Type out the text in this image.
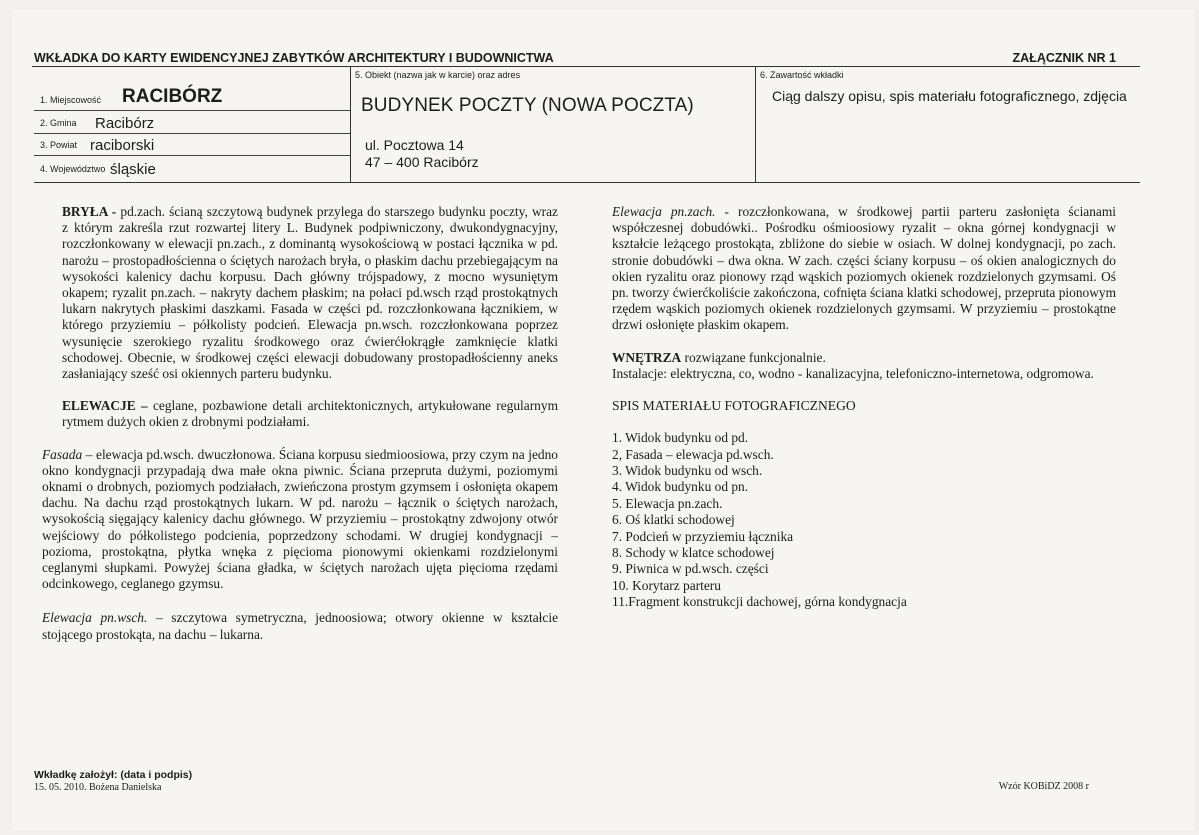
WKŁADKA DO KARTY EWIDENCYJNEJ ZABYTKÓW ARCHITEKTURY I BUDOWNICTWA	ZAŁĄCZNIK NR 1
1. Miejscowość RACIBÓRZ
2. Gmina Racibórz
3. Powiat raciborski
4. Województwo śląskie
5. Obiekt (nazwa jak w karcie) oraz adres
BUDYNEK POCZTY (NOWA POCZTA)
ul. Pocztowa 14
47 – 400 Racibórz
6. Zawartość wkładki
Ciąg dalszy opisu, spis materiału fotograficznego, zdjęcia

BRYŁA - pd.zach. ścianą szczytową budynek przylega do starszego budynku poczty, wraz z którym zakreśla rzut rozwartej litery L. Budynek podpiwniczony, dwukondygnacyjny, rozczłonkowany w elewacji pn.zach., z dominantą wysokościową w postaci łącznika w pd. narożu – prostopadłościenna o ściętych narożach bryła, o płaskim dachu przebiegającym na wysokości kalenicy dachu korpusu. Dach główny trójspadowy, z mocno wysuniętym okapem; ryzalit pn.zach. – nakryty dachem płaskim; na połaci pd.wsch rząd prostokątnych lukarn nakrytych płaskimi daszkami. Fasada w części pd. rozczłonkowana łącznikiem, w którego przyziemiu – półkolisty podcień. Elewacja pn.wsch. rozczłonkowana poprzez wysunięcie szerokiego ryzalitu środkowego oraz ćwierćłokrągłe zamknięcie klatki schodowej. Obecnie, w środkowej części elewacji dobudowany prostopadłościenny aneks zasłaniający sześć osi okiennych parteru budynku.

ELEWACJE – ceglane, pozbawione detali architektonicznych, artykułowane regularnym rytmem dużych okien z drobnymi podziałami.

Fasada – elewacja pd.wsch. dwuczłonowa. Ściana korpusu siedmioosiowa, przy czym na jedno okno kondygnacji przypadają dwa małe okna piwnic. Ściana przepruta dużymi, poziomymi oknami o drobnych, poziomych podziałach, zwieńczona prostym gzymsem i osłonięta okapem dachu. Na dachu rząd prostokątnych lukarn. W pd. narożu – łącznik o ściętych narożach, wysokością sięgający kalenicy dachu głównego. W przyziemiu – prostokątny zdwojony otwór wejściowy do półkolistego podcienia, poprzedzony schodami. W drugiej kondygnacji – pozioma, prostokątna, płytka wnęka z pięcioma pionowymi okienkami rozdzielonymi ceglanymi słupkami. Powyżej ściana gładka, w ściętych narożach ujęta pięcioma rzędami odcinkowego, ceglanego gzymsu.

Elewacja pn.wsch. – szczytowa symetryczna, jednoosiowa; otwory okienne w kształcie stojącego prostokąta, na dachu – lukarna.

Elewacja pn.zach. - rozczłonkowana, w środkowej partii parteru zasłonięta ścianami współczesnej dobudówki.. Pośrodku ośmioosiowy ryzalit – okna górnej kondygnacji w kształcie leżącego prostokąta, zbliżone do siebie w osiach. W dolnej kondygnacji, po zach. stronie dobudówki – dwa okna. W zach. części ściany korpusu – oś okien analogicznych do okien ryzalitu oraz pionowy rząd wąskich poziomych okienek rozdzielonych gzymsami. Oś pn. tworzy ćwierćkoliście zakończona, cofnięta ściana klatki schodowej, przepruta pionowym rzędem wąskich poziomych okienek rozdzielonych gzymsami. W przyziemiu – prostokątne drzwi osłonięte płaskim okapem.

WNĘTRZA rozwiązane funkcjonalnie.

Instalacje: elektryczna, co, wodno - kanalizacyjna, telefoniczno-internetowa, odgromowa.

SPIS MATERIAŁU FOTOGRAFICZNEGO

1. Widok budynku od pd.
2, Fasada – elewacja pd.wsch.
3. Widok budynku od wsch.
4. Widok budynku od pn.
5. Elewacja pn.zach.
6. Oś klatki schodowej
7. Podcień w przyziemiu łącznika
8. Schody w klatce schodowej
9. Piwnica w pd.wsch. części
10. Korytarz parteru
11.Fragment konstrukcji dachowej, górna kondygnacja
Wkładkę założył: (data i podpis)
15. 05. 2010. Bożena Danielska	Wzór KOBiDZ 2008 r
